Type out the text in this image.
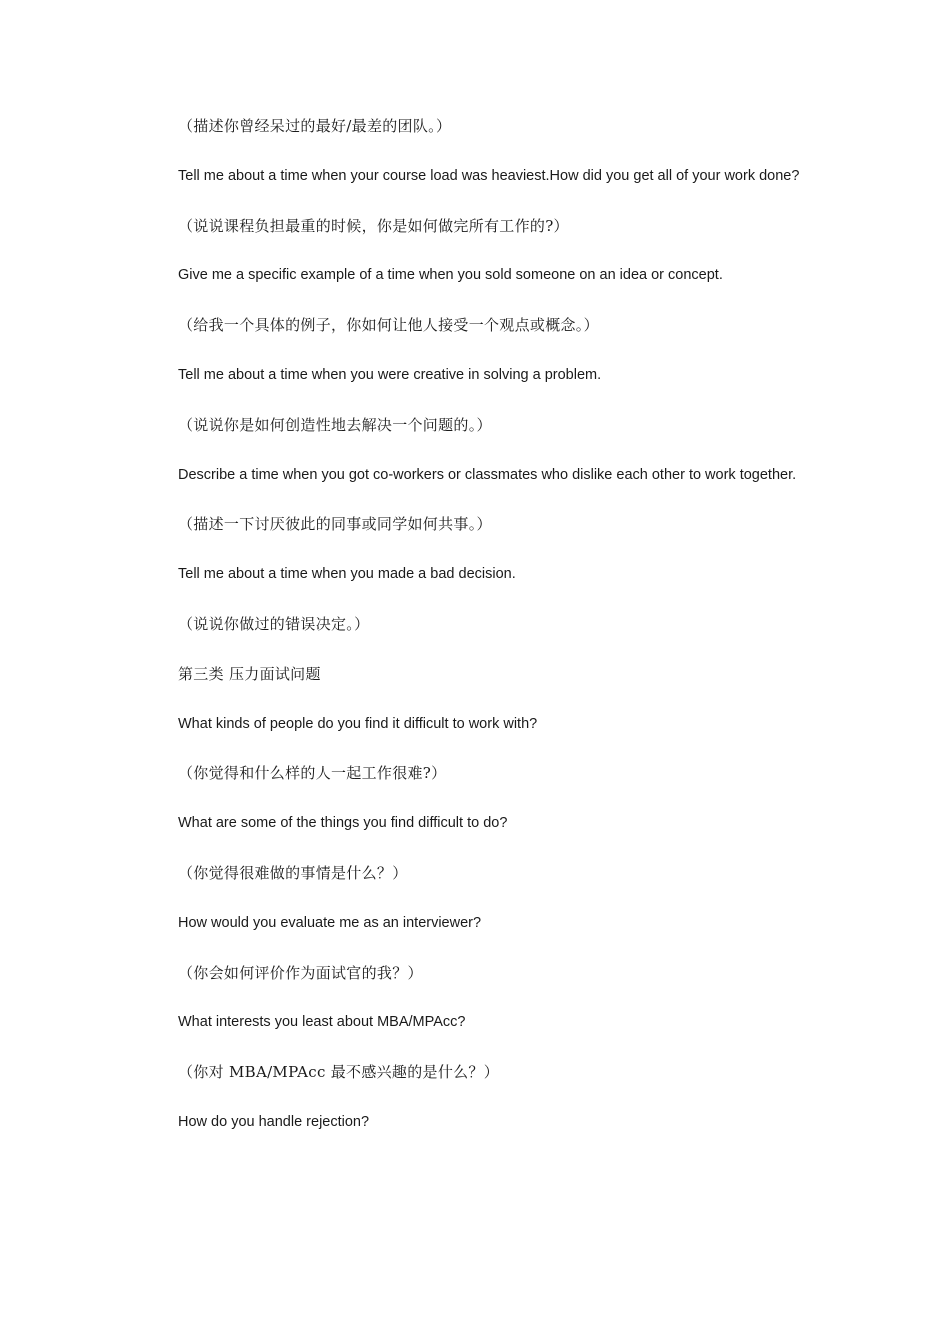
（描述你曾经呆过的最好/最差的团队。）

Tell me about a time when your course load was heaviest.How did you get all of your work done?

（说说课程负担最重的时候，你是如何做完所有工作的?）

Give me a specific example of a time when you sold someone on an idea or concept.

（给我一个具体的例子，你如何让他人接受一个观点或概念。）

Tell me about a time when you were creative in solving a problem.

（说说你是如何创造性地去解决一个问题的。）

Describe a time when you got co-workers or classmates who dislike each other to work together.

（描述一下讨厌彼此的同事或同学如何共事。）

Tell me about a time when you made a bad decision.

（说说你做过的错误决定。）

第三类 压力面试问题

What kinds of people do you find it difficult to work with?

（你觉得和什么样的人一起工作很难?）

What are some of the things you find difficult to do?

（你觉得很难做的事情是什么？）

How would you evaluate me as an interviewer?

（你会如何评价作为面试官的我？）

What interests you least about MBA/MPAcc?

（你对 MBA/MPAcc 最不感兴趣的是什么？）

How do you handle rejection?
